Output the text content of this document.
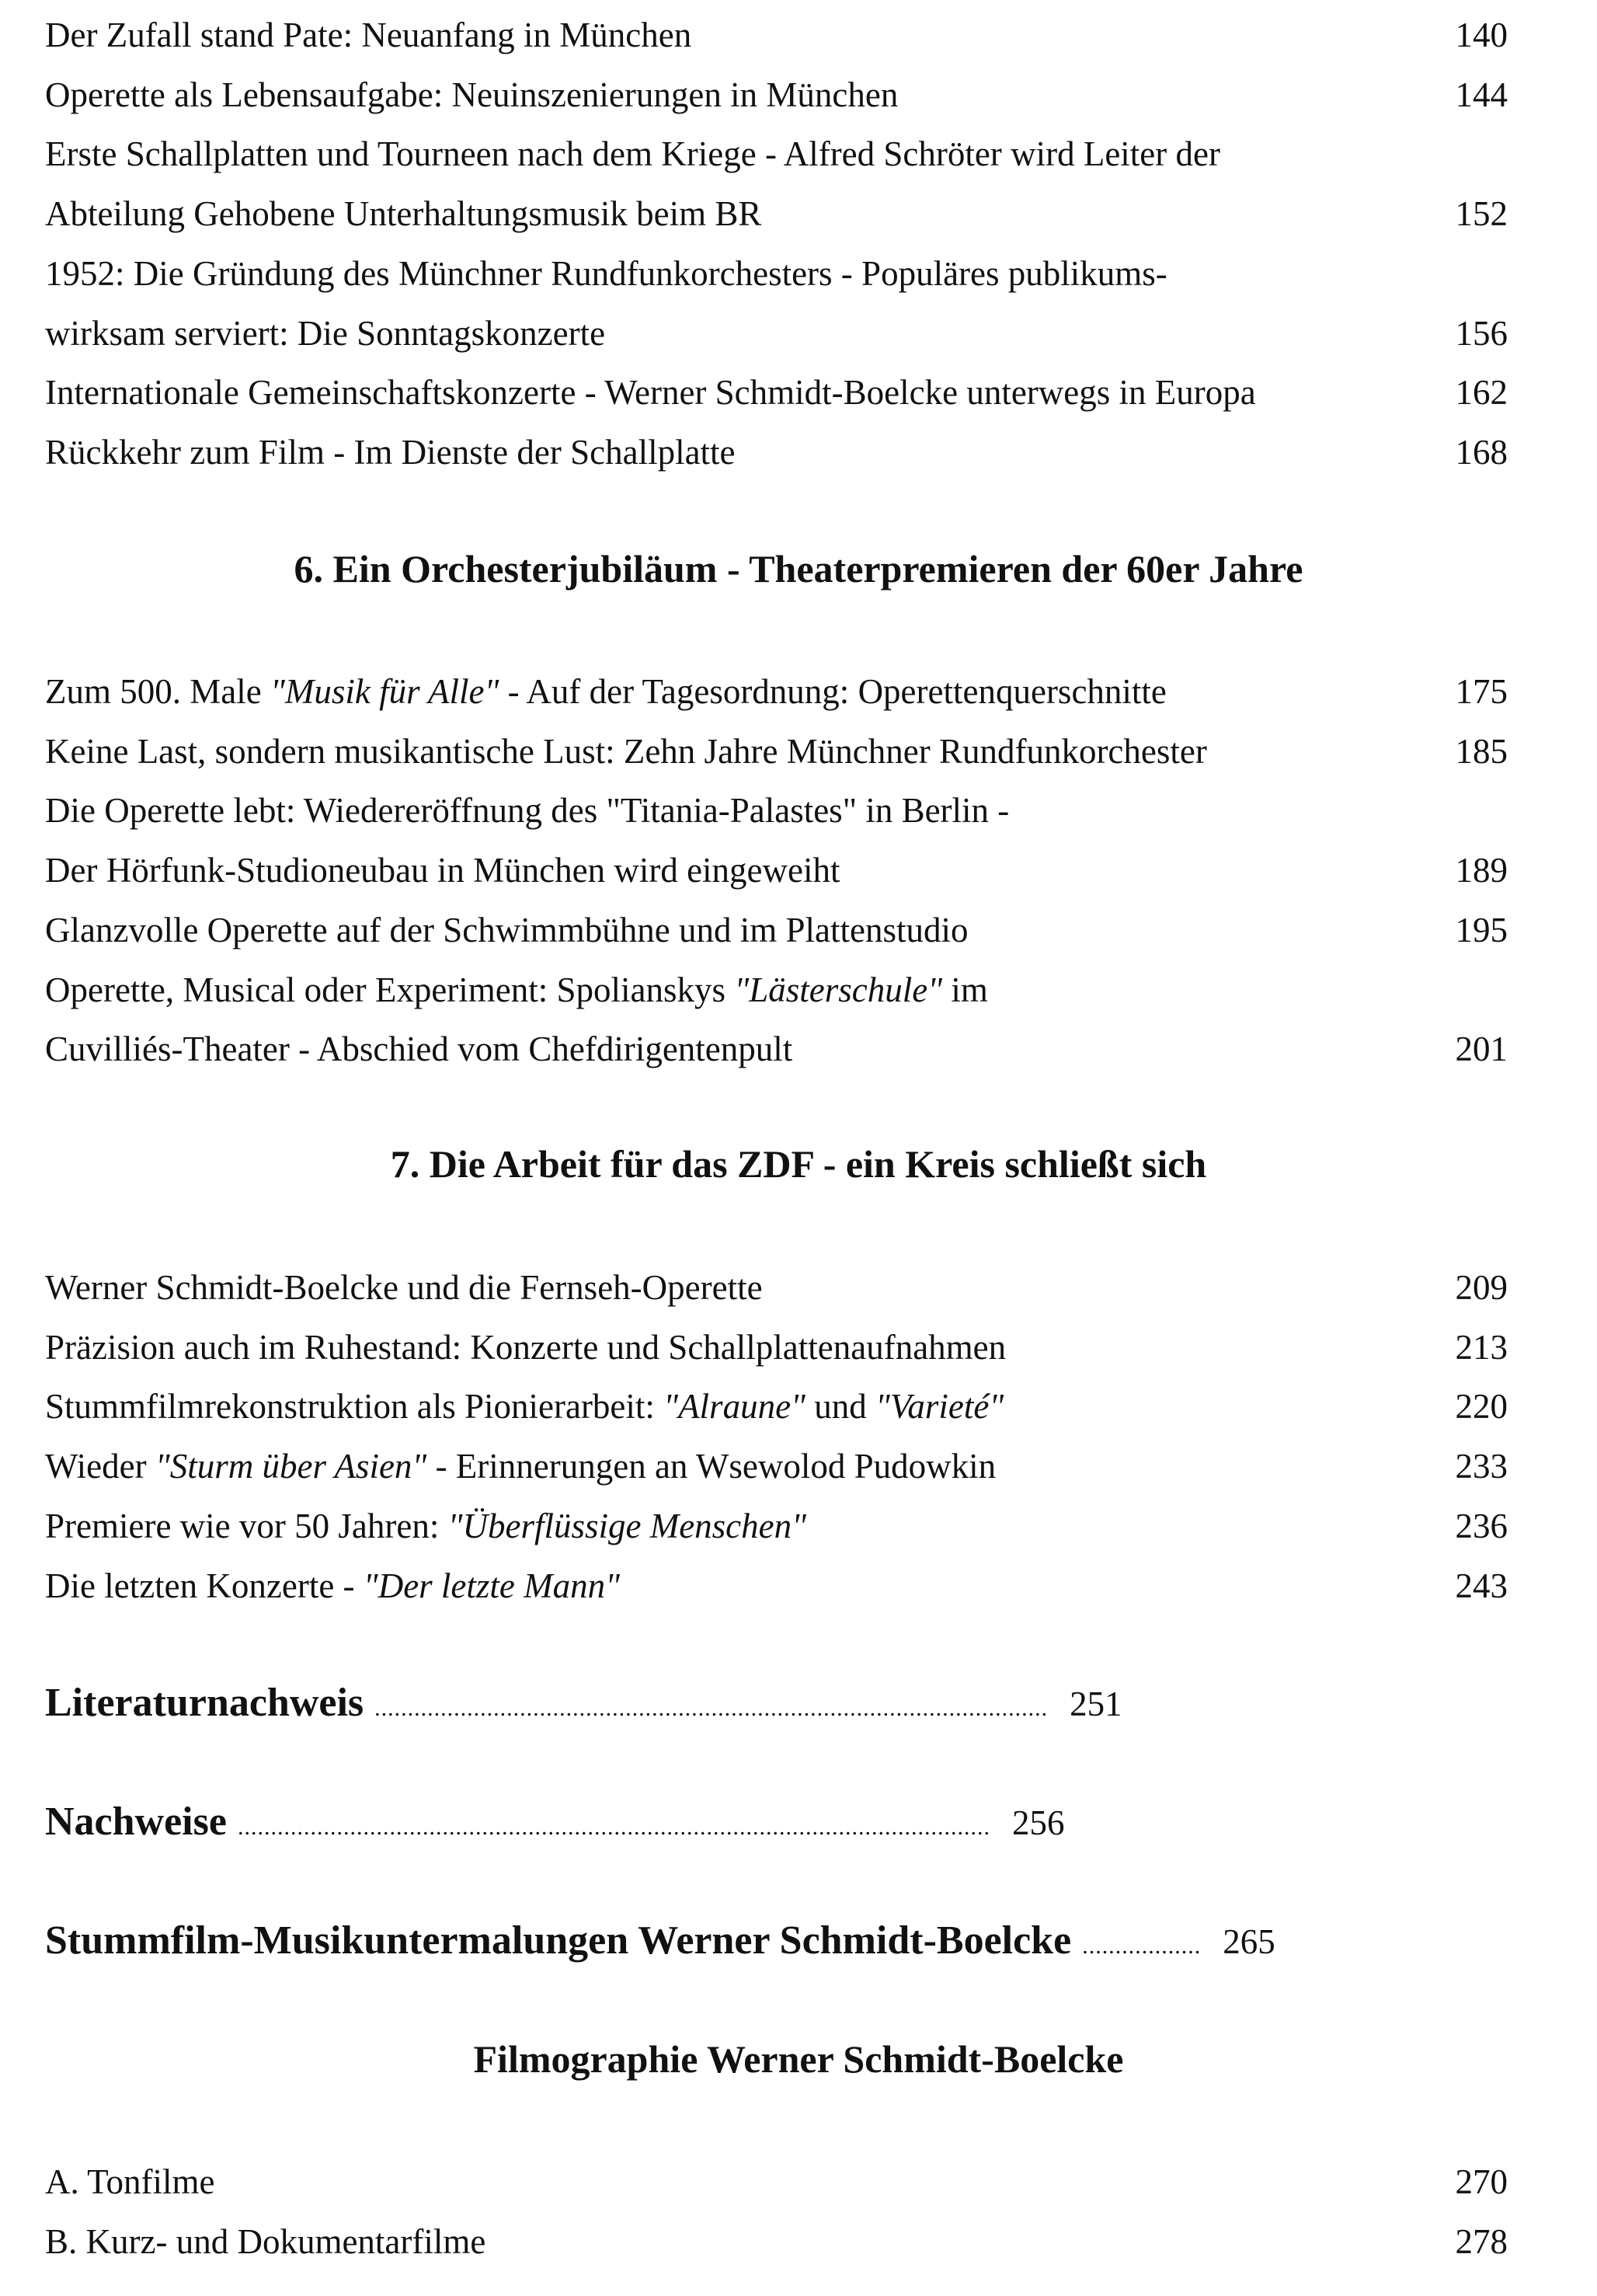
Der Zufall stand Pate: Neuanfang in München	140
Operette als Lebensaufgabe: Neuinszenierungen in München	144
Erste Schallplatten und Tourneen nach dem Kriege - Alfred Schröter wird Leiter der
Abteilung Gehobene Unterhaltungsmusik beim BR	152
1952: Die Gründung des Münchner Rundfunkorchesters - Populäres publikums-
wirksam serviert: Die Sonntagskonzerte	156
Internationale Gemeinschaftskonzerte - Werner Schmidt-Boelcke unterwegs in Europa	162
Rückkehr zum Film - Im Dienste der Schallplatte	168
6. Ein Orchesterjubiläum - Theaterpremieren der 60er Jahre
Zum 500. Male "Musik für Alle" - Auf der Tagesordnung: Operettenquerschnitte	175
Keine Last, sondern musikantische Lust: Zehn Jahre Münchner Rundfunkorchester	185
Die Operette lebt: Wiedereröffnung des "Titania-Palastes" in Berlin -
Der Hörfunk-Studioneubau in München wird eingeweiht	189
Glanzvolle Operette auf der Schwimmbühne und im Plattenstudio	195
Operette, Musical oder Experiment: Spolianskys "Lästerschule" im
Cuvilliés-Theater - Abschied vom Chefdirigentenpult	201
7. Die Arbeit für das ZDF - ein Kreis schließt sich
Werner Schmidt-Boelcke und die Fernseh-Operette	209
Präzision auch im Ruhestand: Konzerte und Schallplattenaufnahmen	213
Stummfilmrekonstruktion als Pionierarbeit: "Alraune" und "Varieté"	220
Wieder "Sturm über Asien" - Erinnerungen an Wsewolod Pudowkin	233
Premiere wie vor 50 Jahren: "Überflüssige Menschen"	236
Die letzten Konzerte - "Der letzte Mann"	243
Literaturnachweis ...................................................................................................... 251
Nachweise .................................................................................................................. 256
Stummfilm-Musikuntermalungen Werner Schmidt-Boelcke .................. 265
Filmographie Werner Schmidt-Boelcke
A. Tonfilme	270
B. Kurz- und Dokumentarfilme	278
